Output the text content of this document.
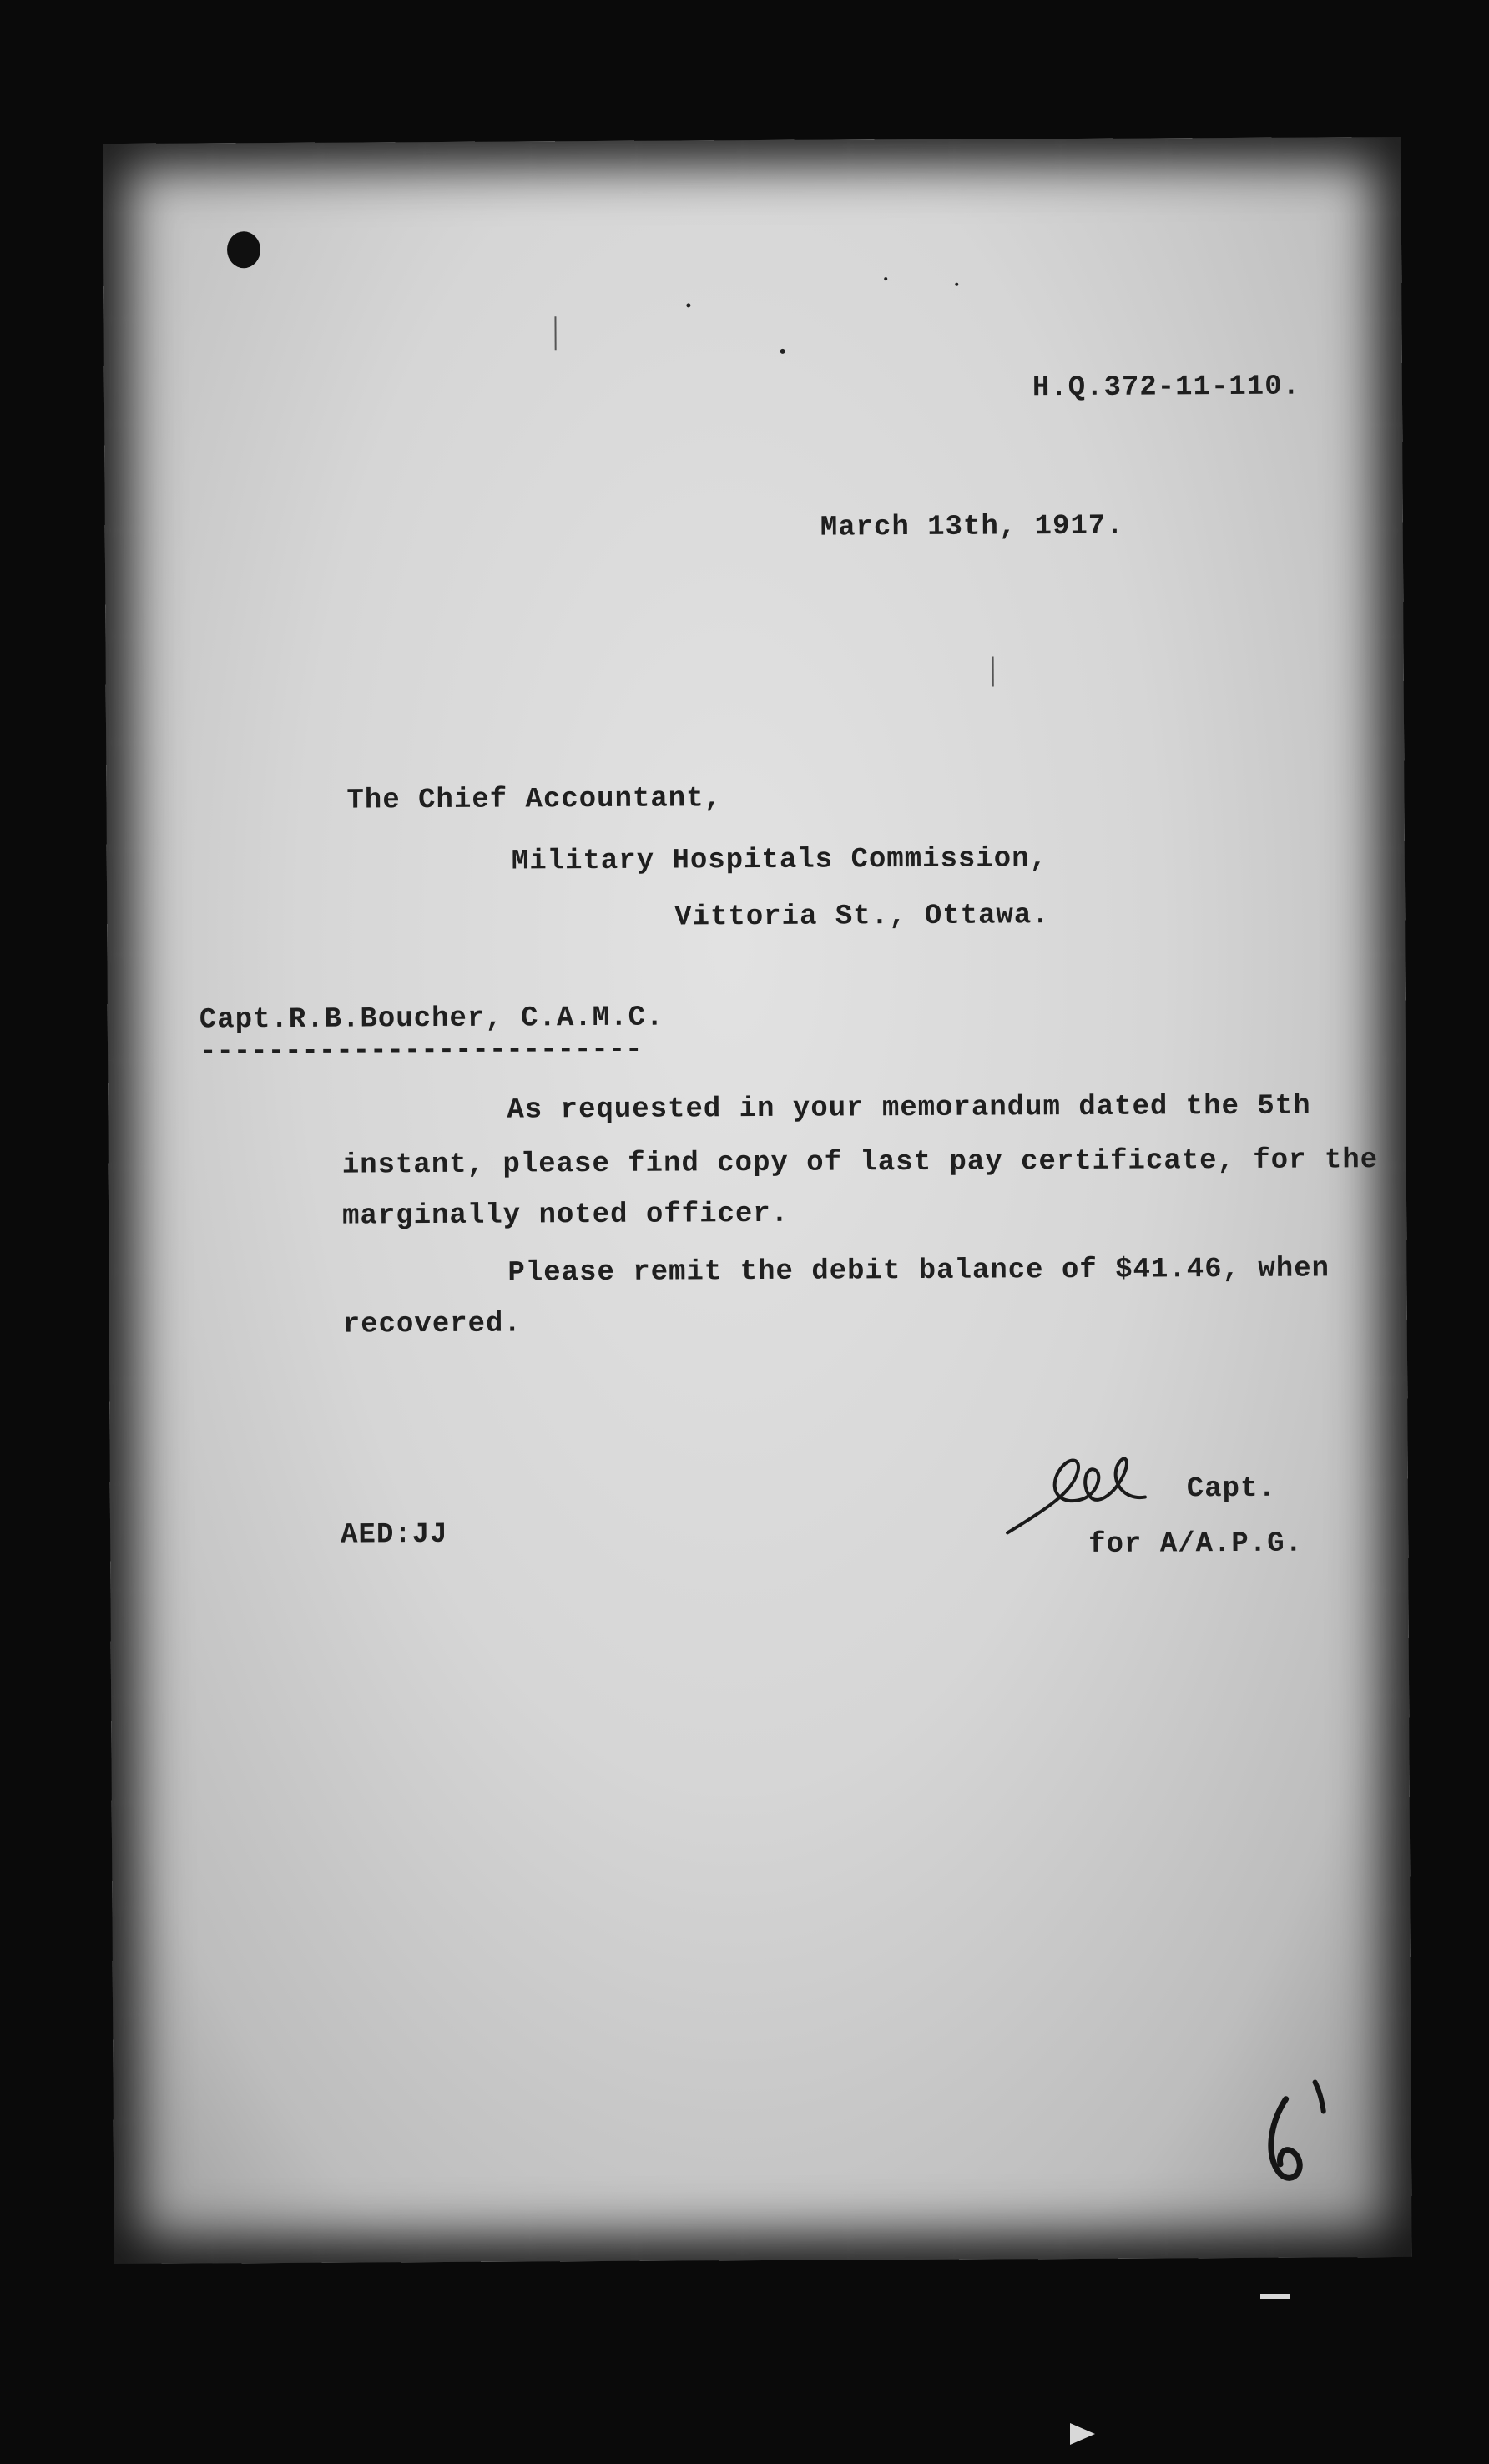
H.Q.372-11-110.
March 13th, 1917.
The Chief Accountant,
Military Hospitals Commission,
Vittoria St., Ottawa.
Capt.R.B.Boucher, C.A.M.C.
--------------------------
As requested in your memorandum dated the 5th
instant, please find copy of last pay certificate, for the
marginally noted officer.
Please remit the debit balance of $41.46, when
recovered.
AED:JJ
Capt.
for A/A.P.G.
